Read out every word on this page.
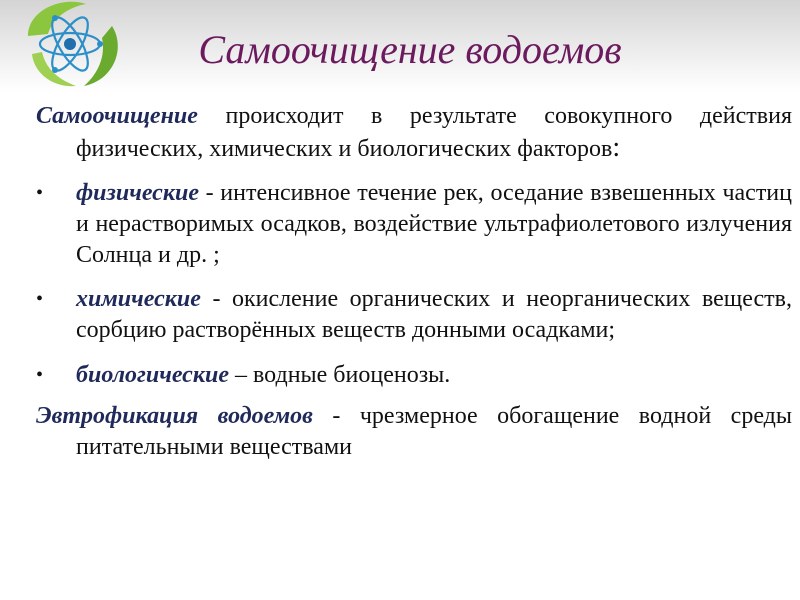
Самоочищение водоемов

Самоочищение происходит в результате совокупного действия физических, химических и биологических факторов:

• физические - интенсивное течение рек, оседание взвешенных частиц и нерастворимых осадков, воздействие ультрафиолетового излучения Солнца и др. ;
• химические - окисление органических и неорганических веществ, сорбцию растворённых веществ донными осадками;
• биологические – водные биоценозы.

Эвтрофикация водоемов - чрезмерное обогащение водной среды питательными веществами
